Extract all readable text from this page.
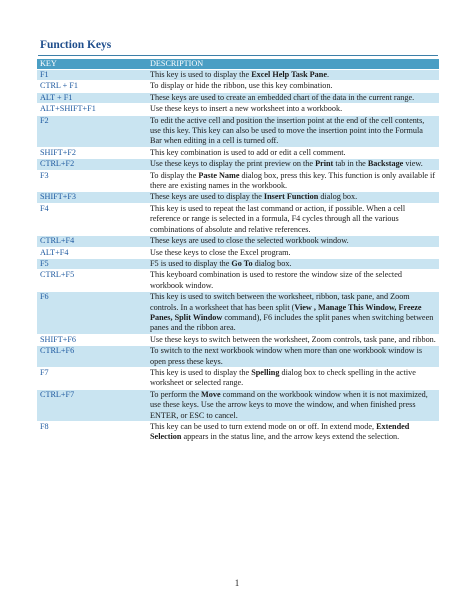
Function Keys
KEY	DESCRIPTION
F1	This key is used to display the Excel Help Task Pane.
CTRL + F1	To display or hide the ribbon, use this key combination.
ALT + F1	These keys are used to create an embedded chart of the data in the current range.
ALT+SHIFT+F1	Use these keys to insert a new worksheet into a workbook.
F2	To edit the active cell and position the insertion point at the end of the cell contents, use this key. This key can also be used to move the insertion point into the Formula Bar when editing in a cell is turned off.
SHIFT+F2	This key combination is used to add or edit a cell comment.
CTRL+F2	Use these keys to display the print preview on the Print tab in the Backstage view.
F3	To display the Paste Name dialog box, press this key. This function is only available if there are existing names in the workbook.
SHIFT+F3	These keys are used to display the Insert Function dialog box.
F4	This key is used to repeat the last command or action, if possible. When a cell reference or range is selected in a formula, F4 cycles through all the various combinations of absolute and relative references.
CTRL+F4	These keys are used to close the selected workbook window.
ALT+F4	Use these keys to close the Excel program.
F5	F5 is used to display the Go To dialog box.
CTRL+F5	This keyboard combination is used to restore the window size of the selected workbook window.
F6	This key is used to switch between the worksheet, ribbon, task pane, and Zoom controls. In a worksheet that has been split (View , Manage This Window, Freeze Panes, Split Window command), F6 includes the split panes when switching between panes and the ribbon area.
SHIFT+F6	Use these keys to switch between the worksheet, Zoom controls, task pane, and ribbon.
CTRL+F6	To switch to the next workbook window when more than one workbook window is open press these keys.
F7	This key is used to display the Spelling dialog box to check spelling in the active worksheet or selected range.
CTRL+F7	To perform the Move command on the workbook window when it is not maximized, use these keys. Use the arrow keys to move the window, and when finished press ENTER, or ESC to cancel.
F8	This key can be used to turn extend mode on or off. In extend mode, Extended Selection appears in the status line, and the arrow keys extend the selection.
1
